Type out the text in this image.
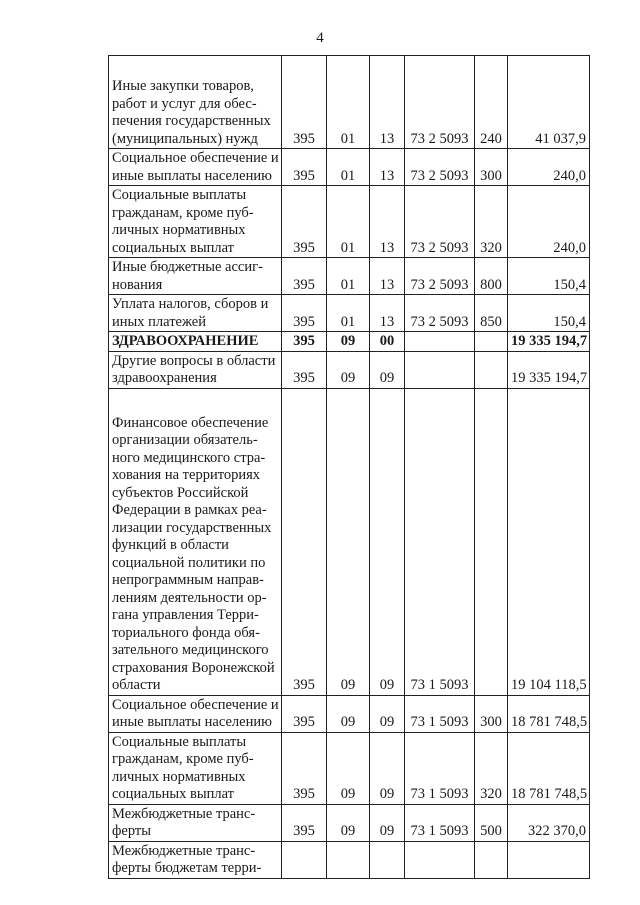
4
Иные закупки товаров, работ и услуг для обеспечения государственных (муниципальных) нужд	395	01	13	73 2 5093	240	41 037,9
Социальное обеспечение и иные выплаты населению	395	01	13	73 2 5093	300	240,0
Социальные выплаты гражданам, кроме публичных нормативных социальных выплат	395	01	13	73 2 5093	320	240,0
Иные бюджетные ассигнования	395	01	13	73 2 5093	800	150,4
Уплата налогов, сборов и иных платежей	395	01	13	73 2 5093	850	150,4
ЗДРАВООХРАНЕНИЕ	395	09	00			19 335 194,7
Другие вопросы в области здравоохранения	395	09	09			19 335 194,7
Финансовое обеспечение организации обязательного медицинского страхования на территориях субъектов Российской Федерации в рамках реализации государственных функций в области социальной политики по непрограммным направлениям деятельности органа управления Территориального фонда обязательного медицинского страхования Воронежской области	395	09	09	73 1 5093		19 104 118,5
Социальное обеспечение и иные выплаты населению	395	09	09	73 1 5093	300	18 781 748,5
Социальные выплаты гражданам, кроме публичных нормативных социальных выплат	395	09	09	73 1 5093	320	18 781 748,5
Межбюджетные трансферты	395	09	09	73 1 5093	500	322 370,0
Межбюджетные трансферты бюджетам терри-						
